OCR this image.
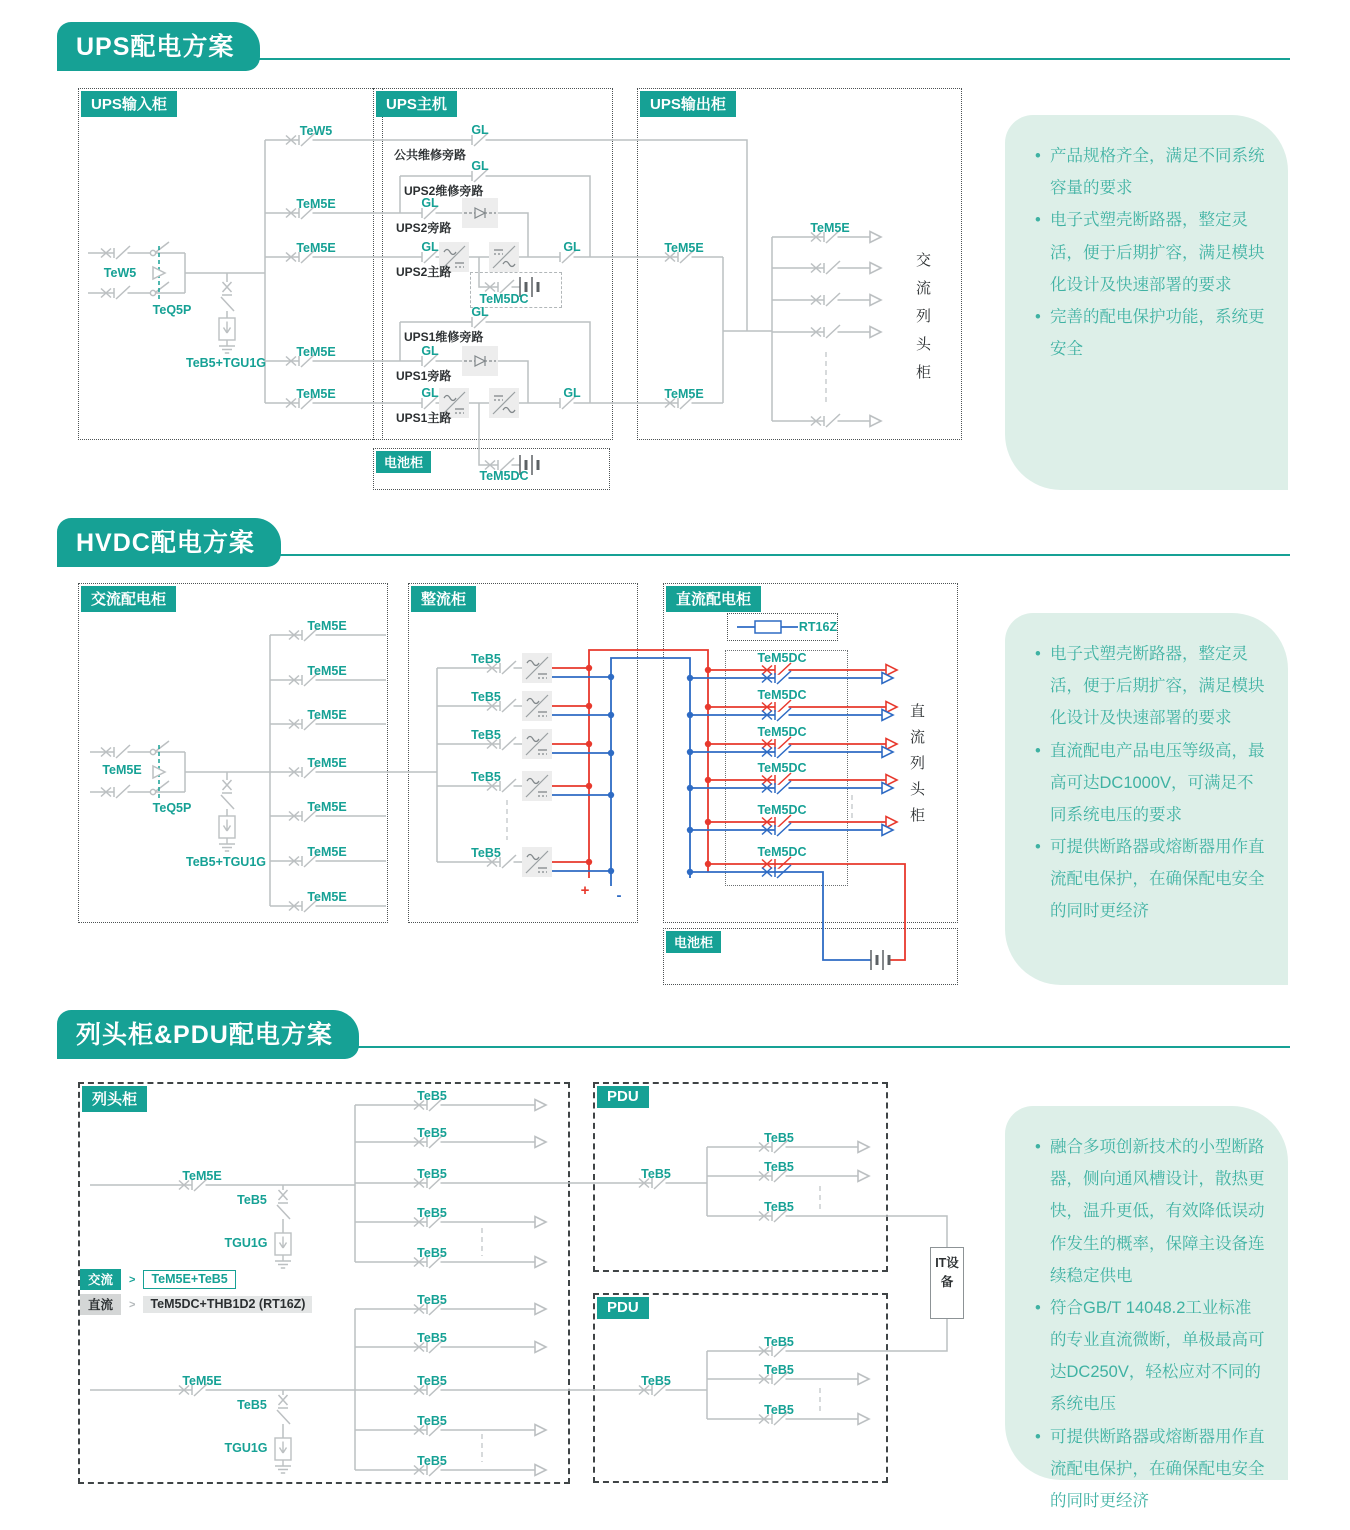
UPS配电方案
HVDC配电方案
列头柜&PDU配电方案
UPS输入柜	UPS主机	UPS输出柜
电池柜
交流配电柜	整流柜	直流配电柜
电池柜
列头柜	PDU
PDU
IT设备
TeW5
TeQ5P
TeB5+TGU1G
TeW5
TeM5E
TeM5E
TeM5E
TeM5E
GL
GL
GL
GL	GL
GL
GL
GL	GL
公共维修旁路
UPS2维修旁路
UPS2旁路
UPS2主路
UPS1维修旁路
UPS1旁路
UPS1主路
TeM5DC
TeM5DC
TeM5E
TeM5E
TeM5E
交流列头柜
TeM5E
TeQ5P
TeB5+TGU1G
TeM5E
TeM5E
TeM5E
TeM5E
TeM5E
TeM5E
TeM5E
TeB5
TeB5
TeB5
TeB5
TeB5
+ -
RT16Z
TeM5DC
TeM5DC
TeM5DC
TeM5DC
TeM5DC
TeM5DC
直流列头柜
TeM5E
TeM5E
TeB5
TeB5
TGU1G
TGU1G
TeB5
TeB5
TeB5
TeB5
TeB5
TeB5
TeB5
TeB5
TeB5
TeB5
TeB5
TeB5
TeB5
TeB5
TeB5
TeB5
TeB5
TeB5
交流	>	TeM5E+TeB5
直流	>	TeM5DC+THB1D2 (RT16Z)
• 产品规格齐全，满足不同系统容量的要求
• 电子式塑壳断路器，整定灵活，便于后期扩容，满足模块化设计及快速部署的要求
• 完善的配电保护功能，系统更安全
• 电子式塑壳断路器，整定灵活，便于后期扩容，满足模块化设计及快速部署的要求
• 直流配电产品电压等级高，最高可达DC1000V，可满足不同系统电压的要求
• 可提供断路器或熔断器用作直流配电保护，在确保配电安全的同时更经济
• 融合多项创新技术的小型断路器，侧向通风槽设计，散热更快，温升更低，有效降低误动作发生的概率，保障主设备连续稳定供电
• 符合GB/T 14048.2工业标准的专业直流微断，单极最高可达DC250V，轻松应对不同的系统电压
• 可提供断路器或熔断器用作直流配电保护，在确保配电安全的同时更经济
